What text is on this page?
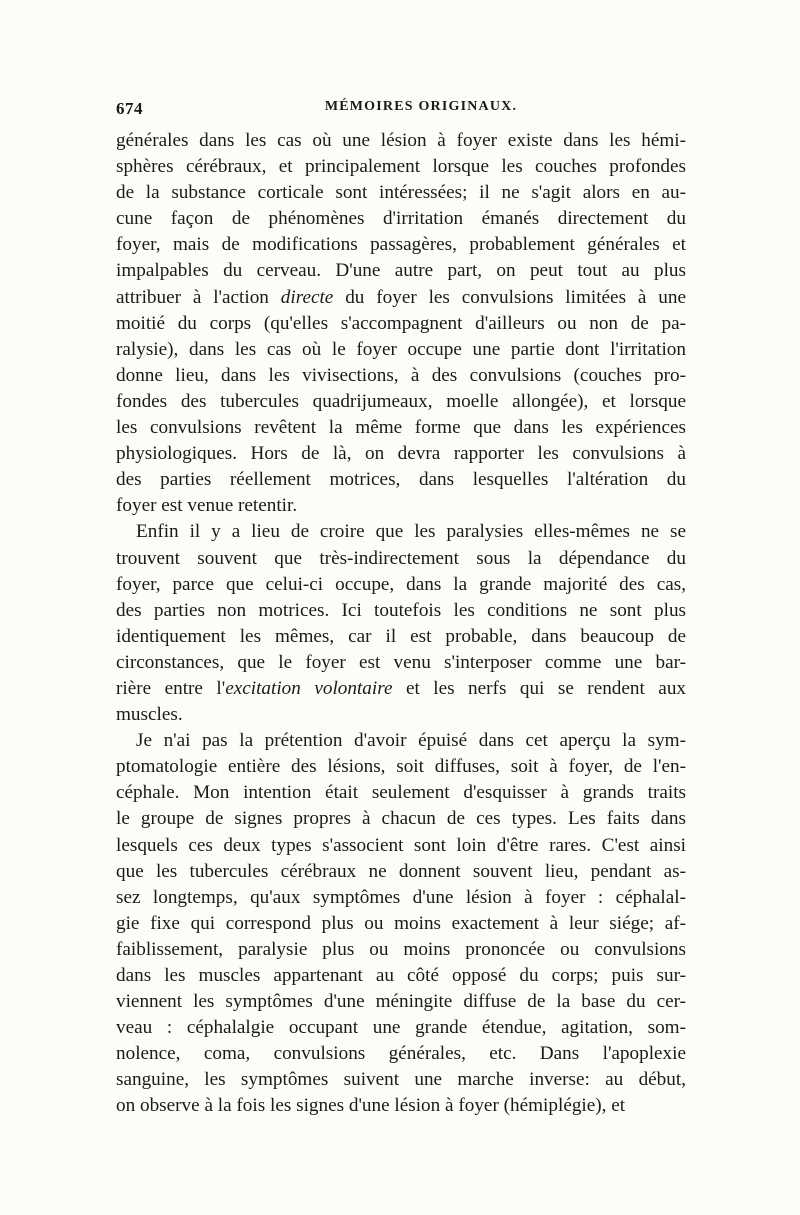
674	MÉMOIRES ORIGINAUX.
générales dans les cas où une lésion à foyer existe dans les hémi-
sphères cérébraux, et principalement lorsque les couches profondes
de la substance corticale sont intéressées; il ne s'agit alors en au-
cune façon de phénomènes d'irritation émanés directement du
foyer, mais de modifications passagères, probablement générales et
impalpables du cerveau. D'une autre part, on peut tout au plus
attribuer à l'action directe du foyer les convulsions limitées à une
moitié du corps (qu'elles s'accompagnent d'ailleurs ou non de pa-
ralysie), dans les cas où le foyer occupe une partie dont l'irritation
donne lieu, dans les vivisections, à des convulsions (couches pro-
fondes des tubercules quadrijumeaux, moelle allongée), et lorsque
les convulsions revêtent la même forme que dans les expériences
physiologiques. Hors de là, on devra rapporter les convulsions à
des parties réellement motrices, dans lesquelles l'altération du
foyer est venue retentir.
Enfin il y a lieu de croire que les paralysies elles-mêmes ne se
trouvent souvent que très-indirectement sous la dépendance du
foyer, parce que celui-ci occupe, dans la grande majorité des cas,
des parties non motrices. Ici toutefois les conditions ne sont plus
identiquement les mêmes, car il est probable, dans beaucoup de
circonstances, que le foyer est venu s'interposer comme une bar-
rière entre l'excitation volontaire et les nerfs qui se rendent aux
muscles.
Je n'ai pas la prétention d'avoir épuisé dans cet aperçu la sym-
ptomatologie entière des lésions, soit diffuses, soit à foyer, de l'en-
céphale. Mon intention était seulement d'esquisser à grands traits
le groupe de signes propres à chacun de ces types. Les faits dans
lesquels ces deux types s'associent sont loin d'être rares. C'est ainsi
que les tubercules cérébraux ne donnent souvent lieu, pendant as-
sez longtemps, qu'aux symptômes d'une lésion à foyer : céphalal-
gie fixe qui correspond plus ou moins exactement à leur siége; af-
faiblissement, paralysie plus ou moins prononcée ou convulsions
dans les muscles appartenant au côté opposé du corps; puis sur-
viennent les symptômes d'une méningite diffuse de la base du cer-
veau : céphalalgie occupant une grande étendue, agitation, som-
nolence, coma, convulsions générales, etc. Dans l'apoplexie
sanguine, les symptômes suivent une marche inverse: au début,
on observe à la fois les signes d'une lésion à foyer (hémiplégie), et
